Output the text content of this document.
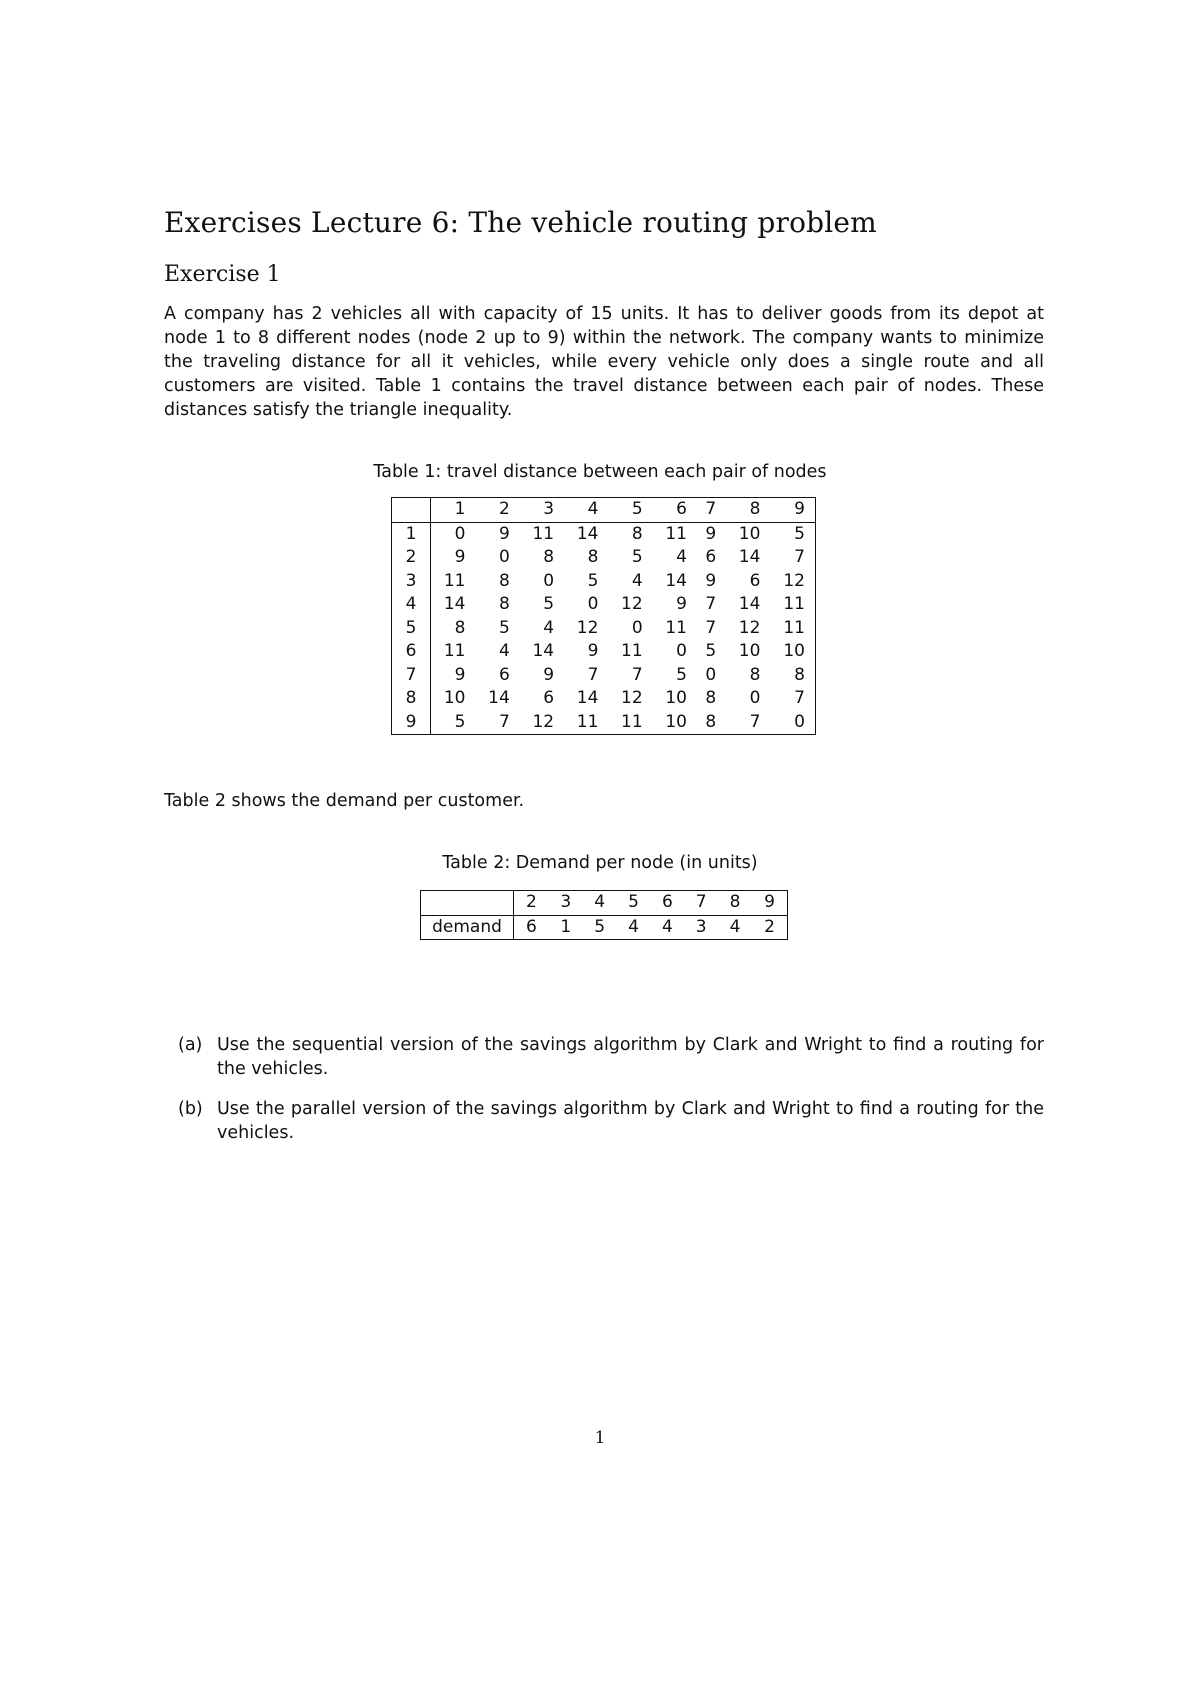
Exercises Lecture 6: The vehicle routing problem
Exercise 1

A company has 2 vehicles all with capacity of 15 units. It has to deliver goods from its depot at node 1 to 8 different nodes (node 2 up to 9) within the network. The company wants to minimize the traveling distance for all it vehicles, while every vehicle only does a single route and all customers are visited. Table 1 contains the travel distance between each pair of nodes. These distances satisfy the triangle inequality.

Table 1: travel distance between each pair of nodes

	1	2	3	4	5	6	7	8	9
1	0	9	11	14	8	11	9	10	5
2	9	0	8	8	5	4	6	14	7
3	11	8	0	5	4	14	9	6	12
4	14	8	5	0	12	9	7	14	11
5	8	5	4	12	0	11	7	12	11
6	11	4	14	9	11	0	5	10	10
7	9	6	9	7	7	5	0	8	8
8	10	14	6	14	12	10	8	0	7
9	5	7	12	11	11	10	8	7	0

Table 2 shows the demand per customer.

Table 2: Demand per node (in units)

	2	3	4	5	6	7	8	9
demand	6	1	5	4	4	3	4	2
(a) Use the sequential version of the savings algorithm by Clark and Wright to find a routing for the vehicles.
(b) Use the parallel version of the savings algorithm by Clark and Wright to find a routing for the vehicles.

1
